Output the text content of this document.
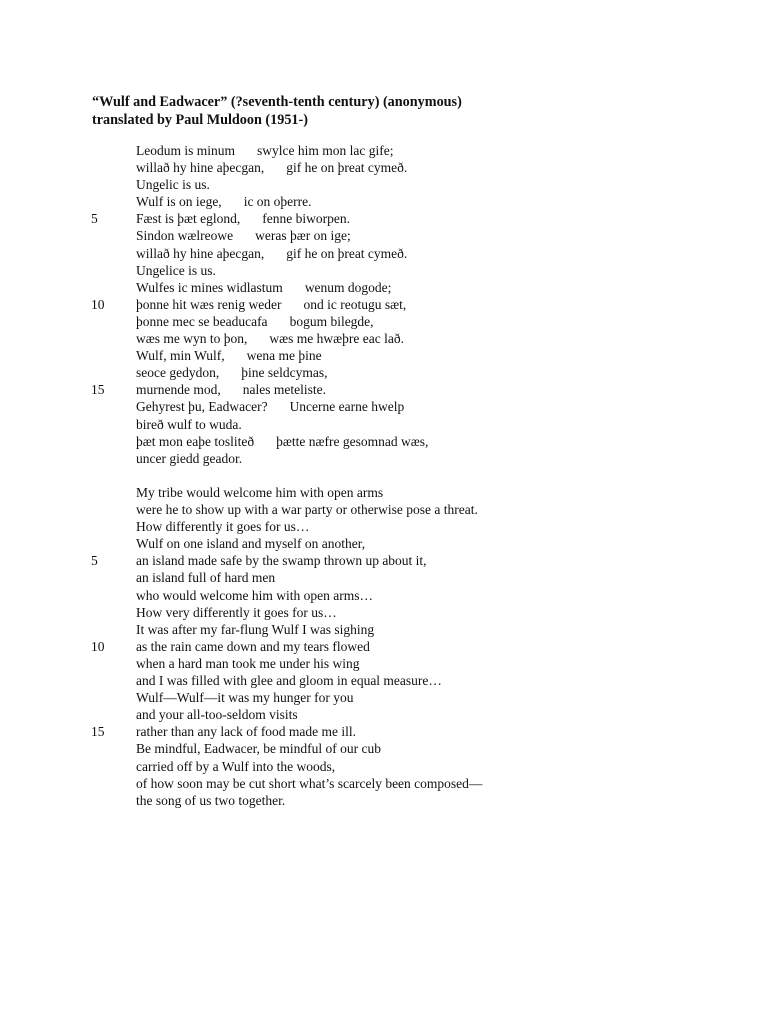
“Wulf and Eadwacer” (?seventh-tenth century) (anonymous)
translated by Paul Muldoon (1951-)
Leodum is minum swylce him mon lac gife;
willað hy hine aþecgan, gif he on þreat cymeð.
Ungelic is us.
Wulf is on iege, ic on oþerre.
5	Fæst is þæt eglond, fenne biworpen.
Sindon wælreowe weras þær on ige;
willað hy hine aþecgan, gif he on þreat cymeð.
Ungelice is us.
Wulfes ic mines widlastum wenum dogode;
10 þonne hit wæs renig weder ond ic reotugu sæt,
þonne mec se beaducafa bogum bilegde,
wæs me wyn to þon, wæs me hwæþre eac lað.
Wulf, min Wulf, wena me þine
seoce gedydon, þine seldcymas,
15 murnende mod, nales meteliste.
Gehyrest þu, Eadwacer? Uncerne earne hwelp
bireð wulf to wuda.
þæt mon eaþe tosliteð þætte næfre gesomnad wæs,
uncer giedd geador.
My tribe would welcome him with open arms
were he to show up with a war party or otherwise pose a threat.
How differently it goes for us…
Wulf on one island and myself on another,
5	an island made safe by the swamp thrown up about it,
an island full of hard men
who would welcome him with open arms…
How very differently it goes for us…
It was after my far-flung Wulf I was sighing
10 as the rain came down and my tears flowed
when a hard man took me under his wing
and I was filled with glee and gloom in equal measure…
Wulf—Wulf—it was my hunger for you
and your all-too-seldom visits
15 rather than any lack of food made me ill.
Be mindful, Eadwacer, be mindful of our cub
carried off by a Wulf into the woods,
of how soon may be cut short what’s scarcely been composed—
the song of us two together.
